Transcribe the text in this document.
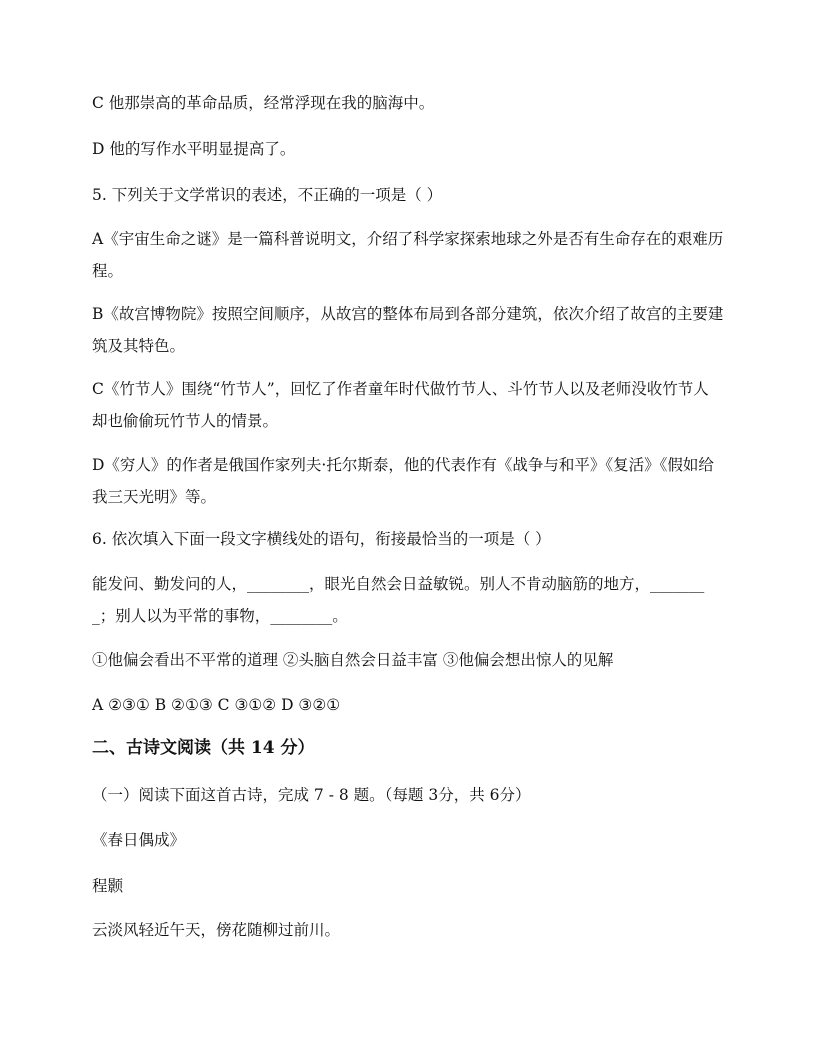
C 他那崇高的革命品质，经常浮现在我的脑海中。
D 他的写作水平明显提高了。
5. 下列关于文学常识的表述，不正确的一项是（ ）
A《宇宙生命之谜》是一篇科普说明文，介绍了科学家探索地球之外是否有生命存在的艰难历程。
B《故宫博物院》按照空间顺序，从故宫的整体布局到各部分建筑，依次介绍了故宫的主要建筑及其特色。
C《竹节人》围绕“竹节人”，回忆了作者童年时代做竹节人、斗竹节人以及老师没收竹节人却也偷偷玩竹节人的情景。
D《穷人》的作者是俄国作家列夫·托尔斯泰，他的代表作有《战争与和平》《复活》《假如给我三天光明》等。
6. 依次填入下面一段文字横线处的语句，衔接最恰当的一项是（ ）
能发问、勤发问的人，________，眼光自然会日益敏锐。别人不肯动脑筋的地方，________；别人以为平常的事物，________。
①他偏会看出不平常的道理 ②头脑自然会日益丰富 ③他偏会想出惊人的见解
A ②③① B ②①③ C ③①② D ③②①
二、古诗文阅读（共 14 分）
（一）阅读下面这首古诗，完成 7 - 8 题。（每题 3分，共 6分）
《春日偶成》
程颢
云淡风轻近午天，傍花随柳过前川。
